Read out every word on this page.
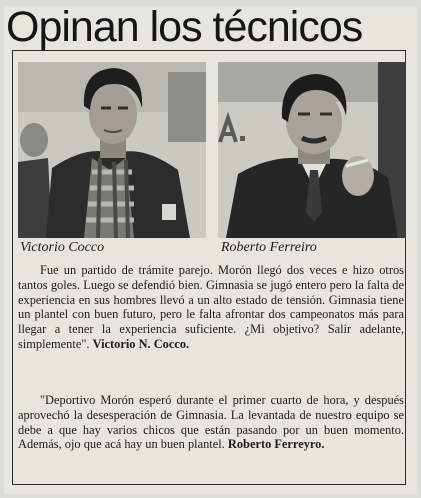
Opinan los técnicos
Victorio Cocco	Roberto Ferreiro

Fue un partido de trámite parejo. Morón llegó dos veces e hizo otros tantos goles. Luego se defendió bien. Gimnasia se jugó entero pero la falta de experiencia en sus hombres llevó a un alto estado de tensión. Gimnasia tiene un plantel con buen futuro, pero le falta afrontar dos campeonatos más para llegar a tener la experiencia suficiente. ¿Mi objetivo? Salir adelante, simplemente". Victorio N. Cocco.

"Deportivo Morón esperó durante el primer cuarto de hora, y después aprovechó la desesperación de Gimnasia. La levantada de nuestro equipo se debe a que hay varios chicos que están pasando por un buen momento. Además, ojo que acá hay un buen plantel. Roberto Ferreyro.
